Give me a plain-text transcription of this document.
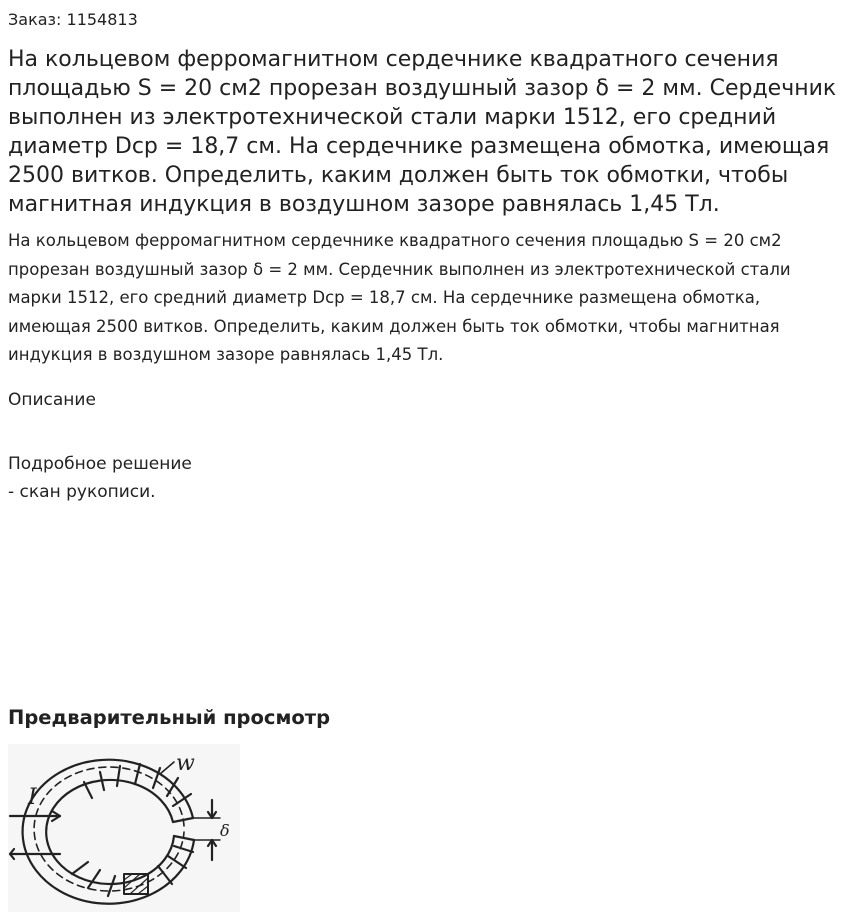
Заказ: 1154813

На кольцевом ферромагнитном сердечнике квадратного сечения площадью S = 20 см2 прорезан воздушный зазор δ = 2 мм. Сердечник выполнен из электротехнической стали марки 1512, его средний диаметр Dср = 18,7 см. На сердечнике размещена обмотка, имеющая 2500 витков. Определить, каким должен быть ток обмотки, чтобы магнитная индукция в воздушном зазоре равнялась 1,45 Тл.

На кольцевом ферромагнитном сердечнике квадратного сечения площадью S = 20 см2 прорезан воздушный зазор δ = 2 мм. Сердечник выполнен из электротехнической стали марки 1512, его средний диаметр Dср = 18,7 см. На сердечнике размещена обмотка, имеющая 2500 витков. Определить, каким должен быть ток обмотки, чтобы магнитная индукция в воздушном зазоре равнялась 1,45 Тл.

Описание

Подробное решение

- скан рукописи.

Предварительный просмотр
I
w
δ
